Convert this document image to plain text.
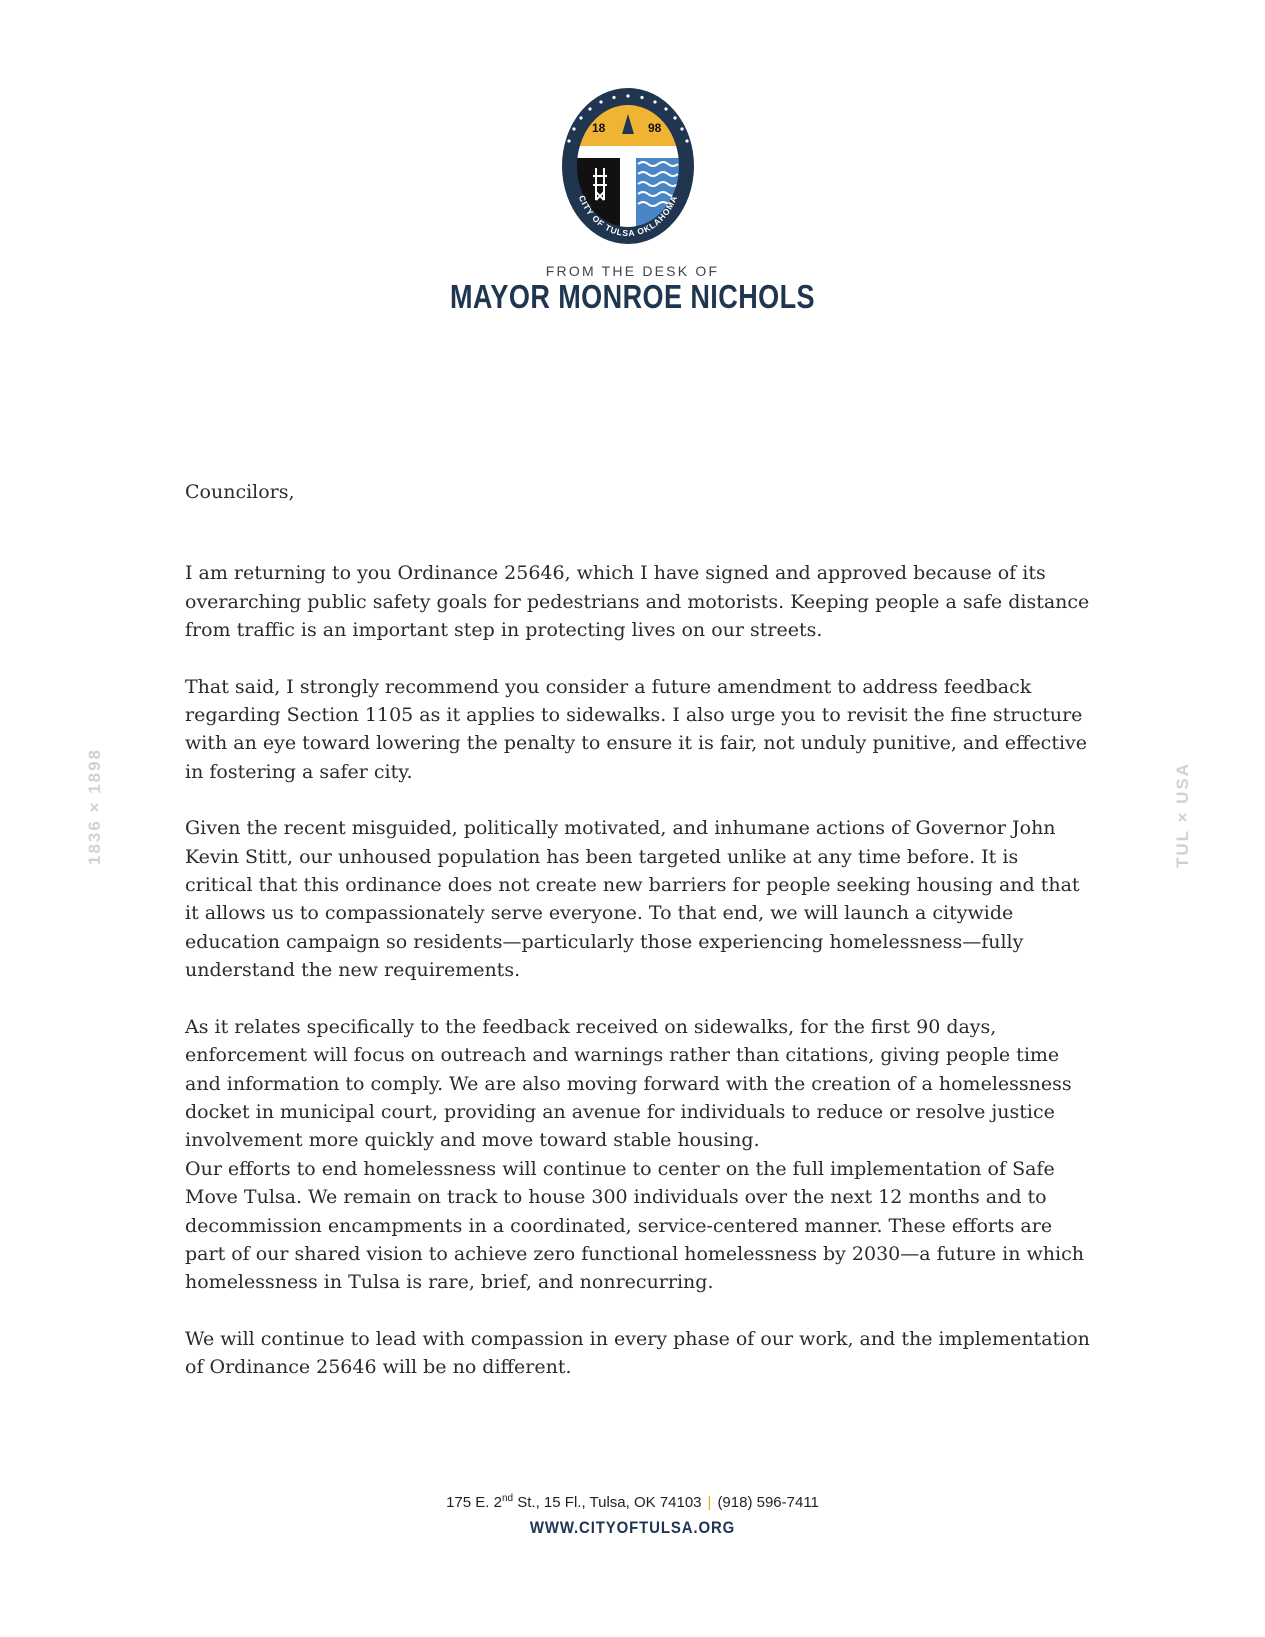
18	98
CITY OF TULSA OKLAHOMA
FROM THE DESK OF
MAYOR MONROE NICHOLS
1836 × 1898	TUL × USA

Councilors,

I am returning to you Ordinance 25646, which I have signed and approved because of its overarching public safety goals for pedestrians and motorists. Keeping people a safe distance from traffic is an important step in protecting lives on our streets.

That said, I strongly recommend you consider a future amendment to address feedback regarding Section 1105 as it applies to sidewalks. I also urge you to revisit the fine structure with an eye toward lowering the penalty to ensure it is fair, not unduly punitive, and effective in fostering a safer city.

Given the recent misguided, politically motivated, and inhumane actions of Governor John Kevin Stitt, our unhoused population has been targeted unlike at any time before. It is critical that this ordinance does not create new barriers for people seeking housing and that it allows us to compassionately serve everyone. To that end, we will launch a citywide education campaign so residents—particularly those experiencing homelessness—fully understand the new requirements.

As it relates specifically to the feedback received on sidewalks, for the first 90 days, enforcement will focus on outreach and warnings rather than citations, giving people time and information to comply. We are also moving forward with the creation of a homelessness docket in municipal court, providing an avenue for individuals to reduce or resolve justice involvement more quickly and move toward stable housing.

Our efforts to end homelessness will continue to center on the full implementation of Safe Move Tulsa. We remain on track to house 300 individuals over the next 12 months and to decommission encampments in a coordinated, service-centered manner. These efforts are part of our shared vision to achieve zero functional homelessness by 2030—a future in which homelessness in Tulsa is rare, brief, and nonrecurring.

We will continue to lead with compassion in every phase of our work, and the implementation of Ordinance 25646 will be no different.

175 E. 2nd St., 15 Fl., Tulsa, OK 74103 | (918) 596-7411
WWW.CITYOFTULSA.ORG
